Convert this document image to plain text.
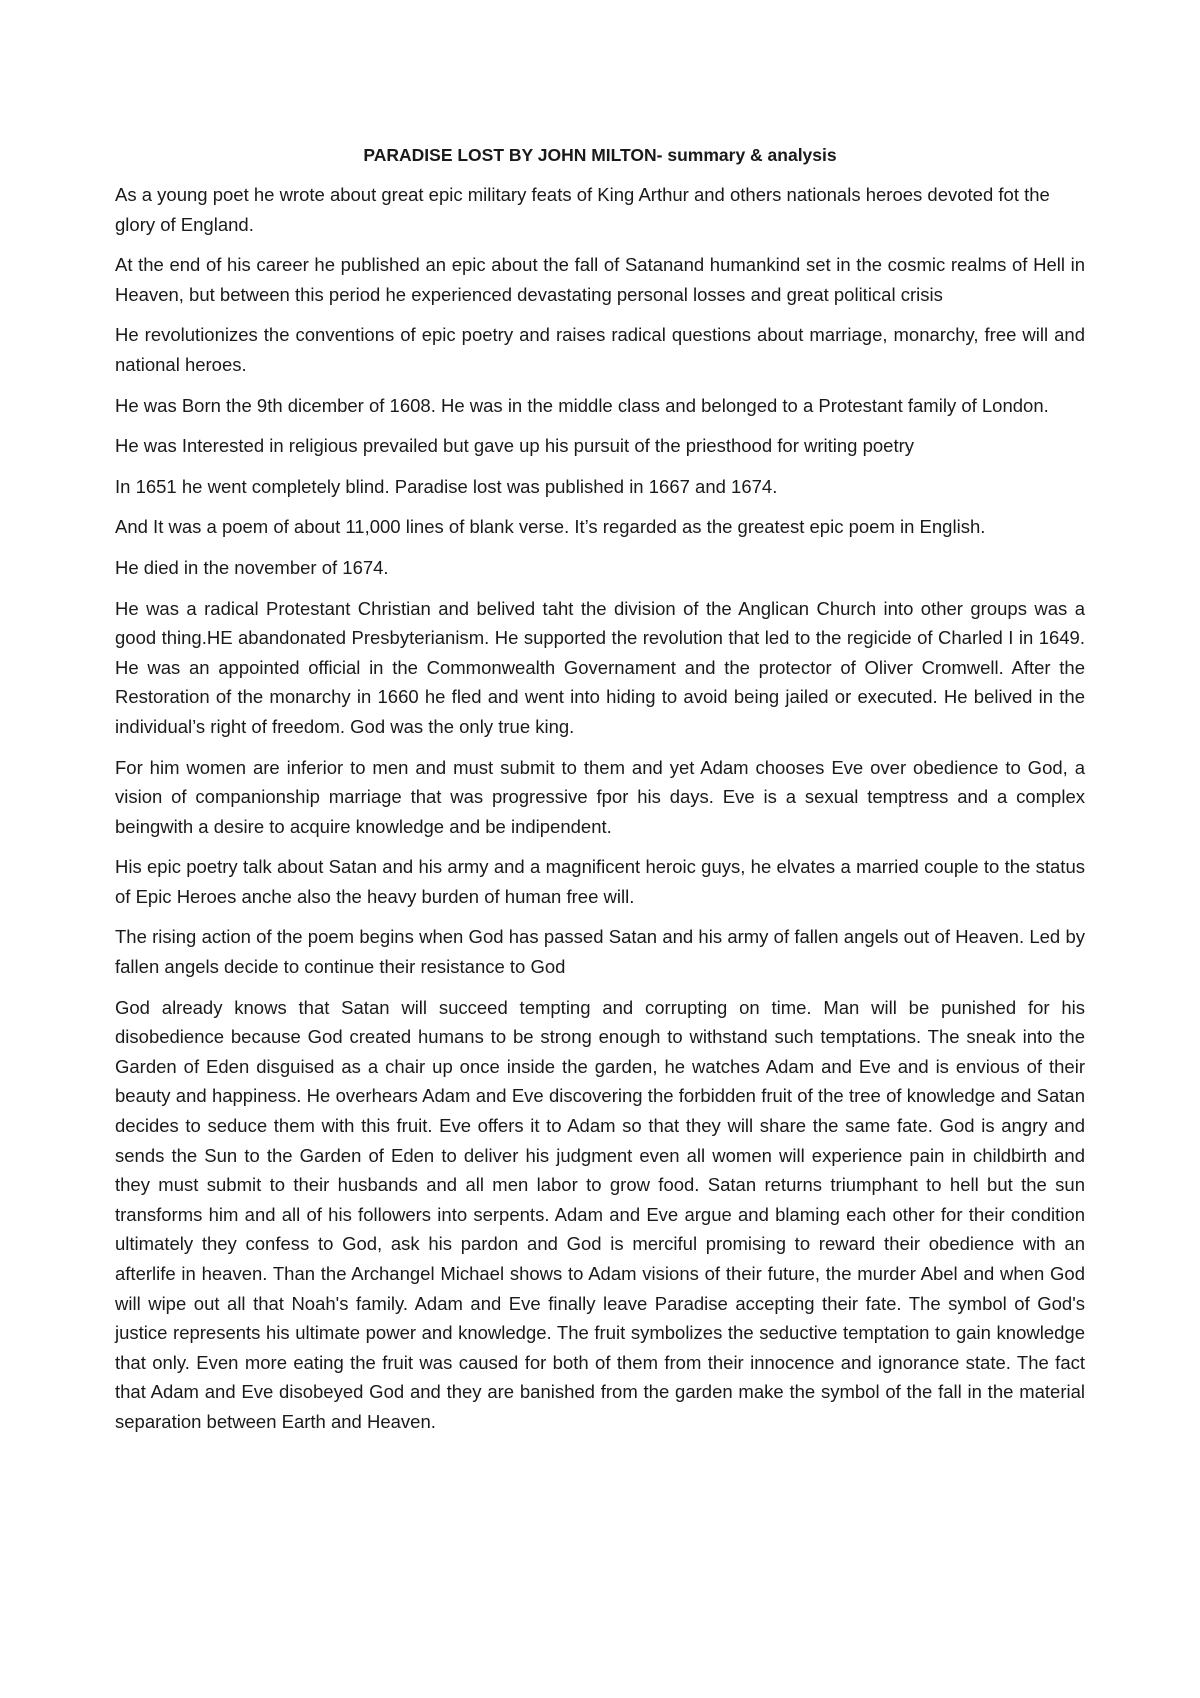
PARADISE LOST BY JOHN MILTON- summary & analysis

As a young poet he wrote about great epic military feats of King Arthur and others nationals heroes devoted fot the glory of England.

At the end of his career he published an epic about the fall of Satanand humankind set in the cosmic realms of Hell in Heaven, but between this period he experienced devastating personal losses and great political crisis

He revolutionizes the conventions of epic poetry and raises radical questions about marriage, monarchy, free will and national heroes.

He was Born the 9th dicember of 1608. He was in the middle class and belonged to a Protestant family of London.

He was Interested in religious prevailed but gave up his pursuit of the priesthood for writing poetry

In 1651 he went completely blind. Paradise lost was published in 1667 and 1674.

And It was a poem of about 11,000 lines of blank verse. It’s regarded as the greatest epic poem in English.

He died in the november of 1674.

He was a radical Protestant Christian and belived taht the division of the Anglican Church into other groups was a good thing.HE abandonated Presbyterianism. He supported the revolution that led to the regicide of Charled I in 1649. He was an appointed official in the Commonwealth Governament and the protector of Oliver Cromwell. After the Restoration of the monarchy in 1660 he fled and went into hiding to avoid being jailed or executed. He belived in the individual’s right of freedom. God was the only true king.

For him women are inferior to men and must submit to them and yet Adam chooses Eve over obedience to God, a vision of companionship marriage that was progressive fpor his days. Eve is a sexual temptress and a complex beingwith a desire to acquire knowledge and be indipendent.

His epic poetry talk about Satan and his army and a magnificent heroic guys, he elvates a married couple to the status of Epic Heroes anche also the heavy burden of human free will.

The rising action of the poem begins when God has passed Satan and his army of fallen angels out of Heaven. Led by fallen angels decide to continue their resistance to God

God already knows that Satan will succeed tempting and corrupting on time. Man will be punished for his disobedience because God created humans to be strong enough to withstand such temptations. The sneak into the Garden of Eden disguised as a chair up once inside the garden, he watches Adam and Eve and is envious of their beauty and happiness. He overhears Adam and Eve discovering the forbidden fruit of the tree of knowledge and Satan decides to seduce them with this fruit. Eve offers it to Adam so that they will share the same fate. God is angry and sends the Sun to the Garden of Eden to deliver his judgment even all women will experience pain in childbirth and they must submit to their husbands and all men labor to grow food. Satan returns triumphant to hell but the sun transforms him and all of his followers into serpents. Adam and Eve argue and blaming each other for their condition ultimately they confess to God, ask his pardon and God is merciful promising to reward their obedience with an afterlife in heaven. Than the Archangel Michael shows to Adam visions of their future, the murder Abel and when God will wipe out all that Noah's family. Adam and Eve finally leave Paradise accepting their fate. The symbol of God's justice represents his ultimate power and knowledge. The fruit symbolizes the seductive temptation to gain knowledge that only. Even more eating the fruit was caused for both of them from their innocence and ignorance state. The fact that Adam and Eve disobeyed God and they are banished from the garden make the symbol of the fall in the material separation between Earth and Heaven.
